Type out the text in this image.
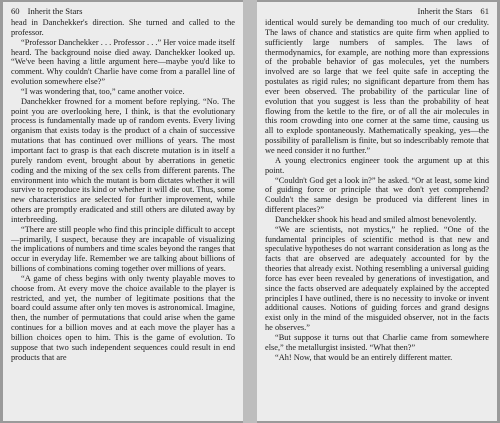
60 Inherit the Stars

head in Danchekker's direction. She turned and called to the professor.

“Professor Danchekker . . . Professor . . .” Her voice made itself heard. The background noise died away. Danchekker looked up. “We've been having a little argument here—maybe you'd like to comment. Why couldn't Charlie have come from a parallel line of evolution somewhere else?”

“I was wondering that, too,” came another voice.

Danchekker frowned for a moment before replying. “No. The point you are overlooking here, I think, is that the evolutionary process is fundamentally made up of random events. Every living organism that exists today is the product of a chain of successive mutations that has continued over millions of years. The most important fact to grasp is that each discrete mutation is in itself a purely random event, brought about by aberrations in genetic coding and the mixing of the sex cells from different parents. The environment into which the mutant is born dictates whether it will survive to reproduce its kind or whether it will die out. Thus, some new characteristics are selected for further improvement, while others are promptly eradicated and still others are diluted away by interbreeding.

“There are still people who find this principle difficult to accept—primarily, I suspect, because they are incapable of visualizing the implications of numbers and time scales beyond the ranges that occur in everyday life. Remember we are talking about billions of billions of combinations coming together over millions of years.

“A game of chess begins with only twenty playable moves to choose from. At every move the choice available to the player is restricted, and yet, the number of legitimate positions that the board could assume after only ten moves is astronomical. Imagine, then, the number of permutations that could arise when the game continues for a billion moves and at each move the player has a billion choices open to him. This is the game of evolution. To suppose that two such independent sequences could result in end products that are

Inherit the Stars 61

identical would surely be demanding too much of our credulity. The laws of chance and statistics are quite firm when applied to sufficiently large numbers of samples. The laws of thermodynamics, for example, are nothing more than expressions of the probable behavior of gas molecules, yet the numbers involved are so large that we feel quite safe in accepting the postulates as rigid rules; no significant departure from them has ever been observed. The probability of the particular line of evolution that you suggest is less than the probability of heat flowing from the kettle to the fire, or of all the air molecules in this room crowding into one corner at the same time, causing us all to explode spontaneously. Mathematically speaking, yes—the possibility of parallelism is finite, but so indescribably remote that we need consider it no further.”

A young electronics engineer took the argument up at this point.

“Couldn't God get a look in?” he asked. “Or at least, some kind of guiding force or principle that we don't yet comprehend? Couldn't the same design be produced via different lines in different places?”

Danchekker shook his head and smiled almost benevolently.

“We are scientists, not mystics,” he replied. “One of the fundamental principles of scientific method is that new and speculative hypotheses do not warrant consideration as long as the facts that are observed are adequately accounted for by the theories that already exist. Nothing resembling a universal guiding force has ever been revealed by generations of investigation, and since the facts observed are adequately explained by the accepted principles I have outlined, there is no necessity to invoke or invent additional causes. Notions of guiding forces and grand designs exist only in the mind of the misguided observer, not in the facts he observes.”

“But suppose it turns out that Charlie came from somewhere else,” the metallurgist insisted. “What then?”

“Ah! Now, that would be an entirely different matter.
